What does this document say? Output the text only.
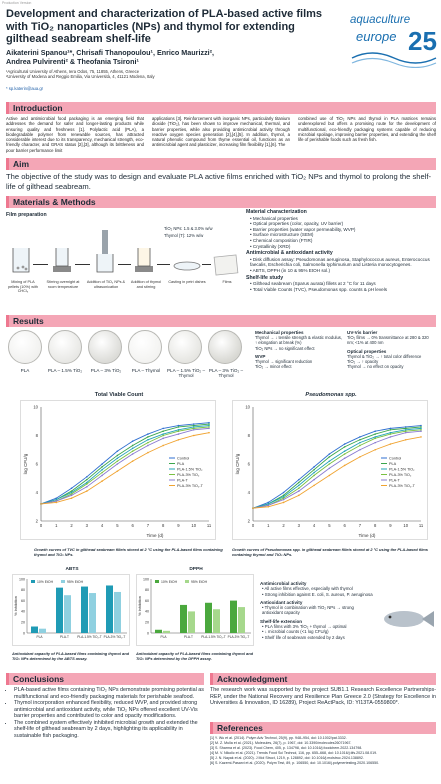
Production Version
Development and characterization of PLA-based active films with TiO₂ nanoparticles (NPs) and thymol for extending gilthead seabream shelf-life
Aikaterini Spanou¹*, Chrisafi Thanopoulou¹, Enrico Maurizzi²,
Andrea Pulvirenti² & Theofania Tsironi¹
¹Agricultural University of Athens, Iera Odos, 75, 11855, Athens, Greece
²University of Modena and Reggio Emilia, Via Università, 4, 41121 Modena, Italy
* sp.katerin@aua.gr
aquaculture
europe 25
Introduction
Active and antimicrobial food packaging is an emerging field that addresses the demand for safer and longer-lasting products while ensuring quality and freshness [1]. Polylactic acid (PLA), a biodegradable polymer from renewable sources, has attracted considerable interest due to its transparency, mechanical strength, eco-friendly character, and GRAS status [2],[3], although its brittleness and poor barrier performance limit
applications [3]. Reinforcement with inorganic NPs, particularly titanium dioxide (TiO₂), has been shown to improve mechanical, thermal, and barrier properties, while also providing antimicrobial activity through reactive oxygen species generation [2],[4],[5]. In addition, thymol, a natural phenolic compound from thyme essential oil, functions as an antimicrobial agent and plasticizer, increasing film flexibility [1],[6]. The
combined use of TiO₂ NPs and thymol in PLA matrices remains underexplored but offers a promising route for the development of multifunctional, eco-friendly packaging systems capable of reducing microbial spoilage, improving barrier properties, and extending the shelf life of perishable foods such as fresh fish.
Aim
The objective of the study was to design and evaluate PLA active films enriched with TiO₂ NPs and thymol to prolong the shelf-life of gilthead seabream.
Materials & Methods
Film preparation
TiO₂ NPs: 1.5 & 3.0% w/w
Thymol (T): 12% w/w
Mixing of PLA pellets (10%) with CHCl₃
Stirring overnight at room temperature
Addition of TiO₂ NPs & ultrasonication
Addition of thymol and stirring
Casting in petri dishes	Films
Material characterization
• Mechanical properties
• Optical properties (color, opacity, UV barrier)
• Barrier properties (water vapor permeability, WVP)
• Surface microstructure (SEM)
• Chemical composition (FTIR)
• Crystallinity (XRD)
Antimicrobial & antioxidant activity
• Disk diffusion assay: Pseudomonas aeruginosa, Staphylococcus aureus, Enterococcus faecalis, Escherichia coli, Salmonella typhimurium and Listeria monocytogenes.
• ABTS, DPPH (in 10 & 95% EtOH sol.)
Shelf-life study
• Gilthead seabream (Sparus aurata) fillets at 2 °C for 11 days
• Total Viable Counts (TVC), Pseudomonas spp. counts & pH levels
Results
PLA	PLA – 1.5% TiO₂	PLA – 3% TiO₂	PLA – Thymol	PLA – 1.5% TiO₂ – Thymol
PLA – 3% TiO₂ – Thymol
Mechanical properties
Thymol → ↓ tensile strength & elastic modulus, ↑ elongation at break (%)
TiO₂ NPs → no significant effect
WVP
Thymol → significant reduction
TiO₂ → minor effect
UV-Vis barrier
TiO₂ films → 0% transmittance at 280 & 320 nm; <1% at 400 nm
Optical properties
Thymol & TiO₂ → ↑ total color difference
TiO₂ → ↑ opacity
Thymol → no effect on opacity
Total Viable Count
2
4
6
8
10
0	1	2	3	4	5	6	7	8	9	10	11
Time (d)
log CFU/g	Control
PLA
PLA-1.5% TiO₂
PLA-3% TiO₂
PLA-T
PLA-3% TiO₂-T
Growth curves of TVC in gilthead seabream fillets stored at 2 °C using the PLA-based films containing thymol and TiO₂ NPs.
Pseudomonas spp.
2
4
6
8
10
0	1	2	3	4	5	6	7	8	9	10	11
Time (d)
log CFU/g	Control
PLA
PLA-1.5% TiO₂
PLA-3% TiO₂
PLA-T
PLA-3% TiO₂-T
Growth curves of Pseudomonas spp. in gilthead seabream fillets stored at 2 °C using the PLA-based films containing thymol and TiO₂ NPs.
ABTS
0
20
40
60
80
100
% Inhibition
PLA	PLA-T	PLA-1.5% TiO₂-T PLA-3% TiO₂-T
10% EtOH	95% EtOH
Antioxidant capacity of PLA-based films containing thymol and TiO₂ NPs determined by the ABTS assay.
DPPH
0
20
40
60
80
100
% Inhibition
PLA	PLA-T	PLA-1.5% TiO₂-T PLA-3% TiO₂-T
10% EtOH	95% EtOH
Antioxidant capacity of PLA-based films containing thymol and TiO₂ NPs determined by the DPPH assay.
Antimicrobial activity
• All active films effective, especially with thymol
• Strong inhibition against E. coli, S. aureus, P. aeruginosa
Antioxidant activity
• Thymol in combination with TiO₂ NPs → strong antioxidant capacity
Shelf-life extension
• PLA films with 3% TiO₂ + thymol → optimal
• ↓ microbial counts (<1 log CFU/g)
• Shelf life of seabream extended by 2 days
Conclusions
• PLA-based active films containing TiO₂ NPs demonstrate promising potential as multifunctional and eco-friendly packaging materials for perishable seafood.
• Thymol incorporation enhanced flexibility, reduced WVP, and provided strong antimicrobial and antioxidant activity, while TiO₂ NPs offered excellent UV-Vis barrier properties and contributed to color and opacity modifications.
• The combined system effectively inhibited microbial growth and extended the shelf-life of gilthead seabream by 2 days, highlighting its applicability in sustainable fish packaging.
Acknowledgment
The research work was supported by the project SUB1.1 Research Excellence Partnerships-REP, under the National Recovery and Resilience Plan Greece 2.0 (Strategy for Excellence in Universities & Innovation, ID 16289), Project ReActPack, ID: YI13TA-0559800*.
References
[1] Y. Wu et al. (2014). Polym Adv Technol, 25(9), pp. 948–954, doi: 10.1002/pat.3332.
[2] M. Z. Mulla et al. (2021). Molecules, 26(7), p. 1967, doi: 10.3390/molecules26071967.
[3] S. Sharma et al. (2023). Food Chem, 405, p. 134798, doi: 10.1016/j.foodchem.2022.134798.
[4] M. V. Nikolic et al. (2021). Trends Food Sci Technol, 116, pp. 655–668, doi: 10.1016/j.tifs.2021.08.019.
[5] J. N. Nayak et al. (2020). J Mol Struct, 1219, p. 128892, doi: 10.1016/j.molstruc.2024.138892.
[6] S. Kazemi-Pasarvi et al. (2020). Polym Test, 89, p. 106550, doi: 10.1016/j.polymertesting.2020.106550.
